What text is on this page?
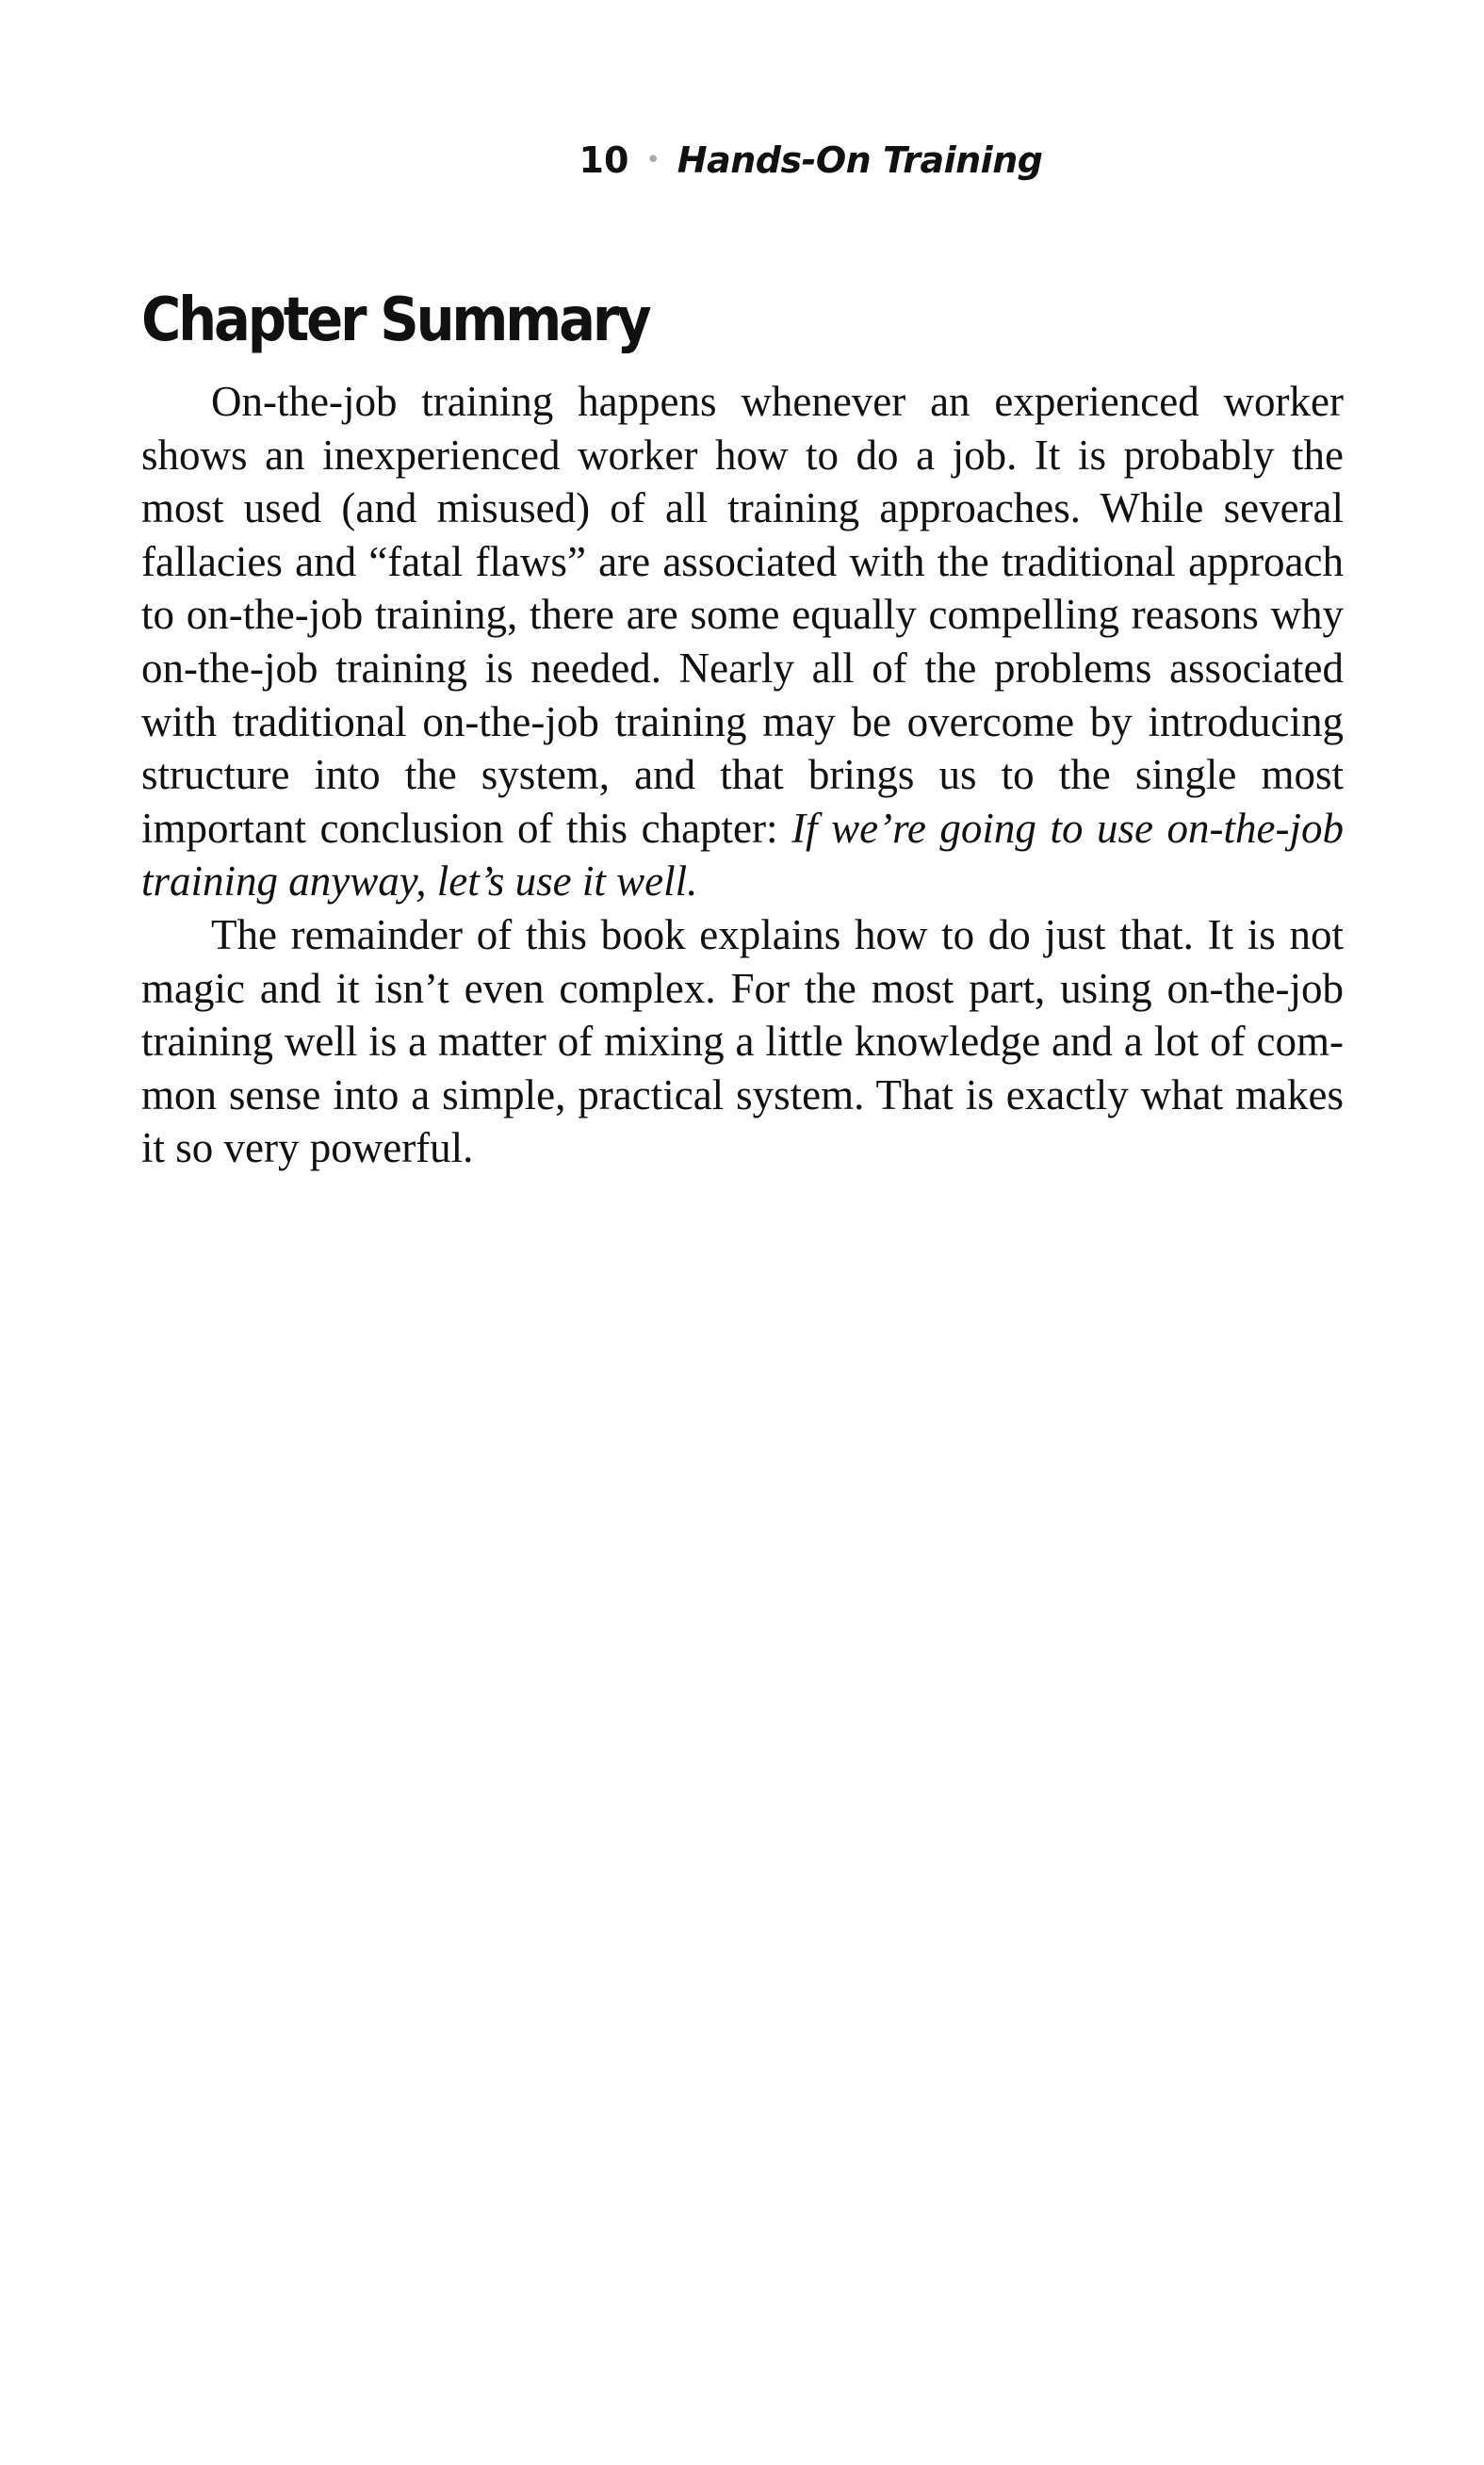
10 • Hands-On Training
Chapter Summary

On-the-job training happens whenever an experienced worker shows an inexperienced worker how to do a job. It is probably the most used (and misused) of all training approaches. While several fallacies and “fatal flaws” are associated with the traditional approach to on-the-job training, there are some equally compelling reasons why on-the-job training is needed. Nearly all of the problems associated with traditional on-the-job training may be overcome by introducing structure into the system, and that brings us to the single most important conclusion of this chapter: If we’re going to use on-the-job training anyway, let’s use it well.

The remainder of this book explains how to do just that. It is not magic and it isn’t even complex. For the most part, using on-the-job training well is a matter of mixing a little knowledge and a lot of common sense into a simple, practical system. That is exactly what makes it so very powerful.
